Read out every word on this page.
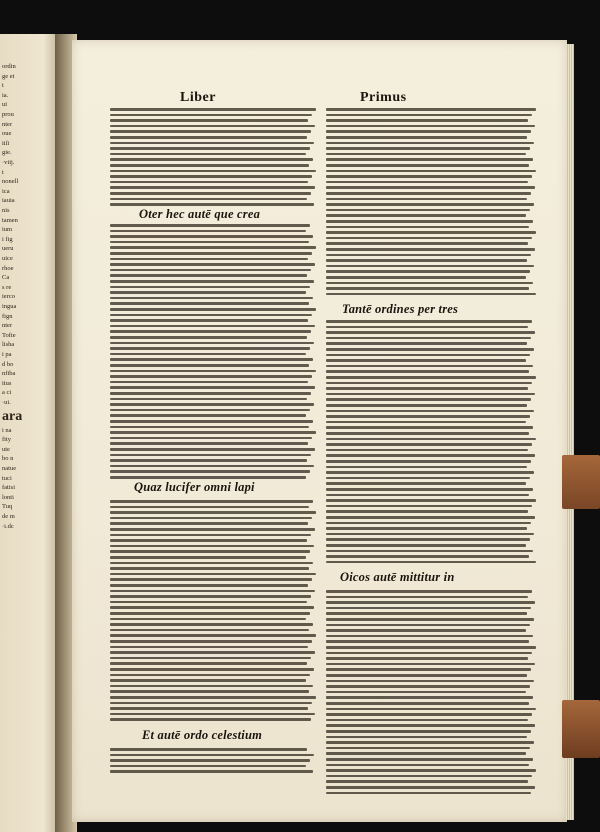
ordin
ge et
t
ia.
ui
prou
nter
oue
iiſi
gie.
·viij.
t
nonell
ica
iauia
nis
tamen
ium
i fig
ueru
uice
rhoe
Ca
s re
ierco
ingua
fign
nter
Tofte
lisha
i pa
d bo
nfiba
itus
a ci
·ui.
ara
i na
fity
ute
bo n
natue
tuci
fatisi
lonti
Tuq
de m
·i.dc
Liber	Primus
Oter hec autē que crea
Tantē ordines per tres
Quaz lucifer omni lapi
Oicos autē mittitur in
Et autē ordo celestium
